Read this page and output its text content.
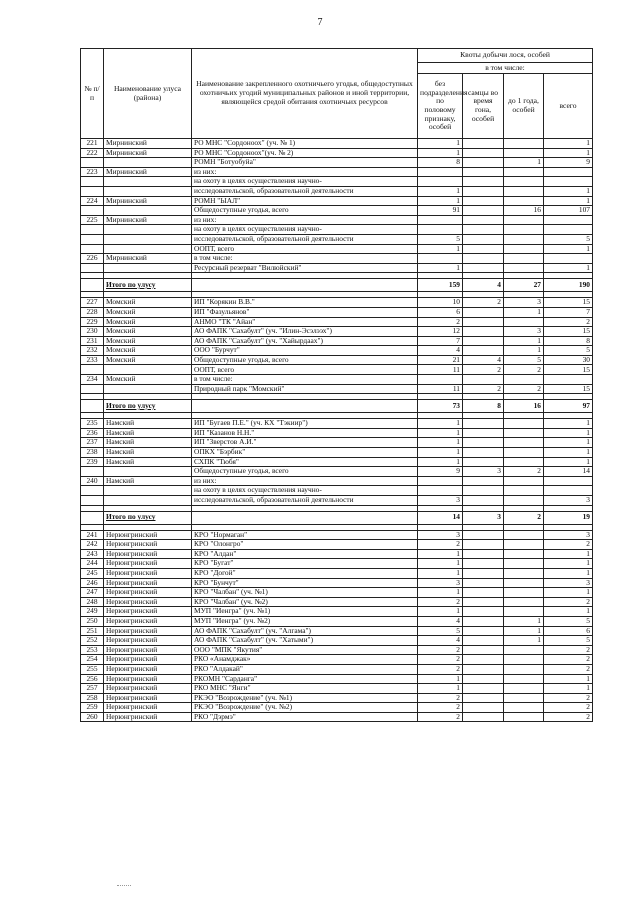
7
№ п/п	Наименование улуса (района)	Наименование закрепленного охотничьего угодья, общедоступных охотничьих угодий муниципальных районов и иной территории, являющейся средой обитания охотничьих ресурсов	Квоты добычи лося, особей			
			в том числе:			
			без подразделения по половому признаку, особей	самцы во время гона, особей	до 1 года, особей	всего
221	Мирнинский	РО МНС "Сордоноох" (уч. № 1)	1			1
222	Мирнинский	РО МНС "Сордоноох"(уч. № 2)	1			1
		РОМН "Ботуобуйа"	8		1	9
223	Мирнинский	из них:				
		на охоту в целях осуществления научно-				
		исследовательской, образовательной деятельности	1			1
224	Мирнинский	РОМН "ЫАЛ"	1			1
		Общедоступные угодья, всего	91		16	107
225	Мирнинский	из них:				
		на охоту в целях осуществления научно-				
		исследовательской, образовательной деятельности	5			5
		ООПТ, всего	1			1
226	Мирнинский	в том числе:				
		Ресурсный резерват "Вилюйский"	1			1

	Итого по улусу		159	4	27	190

227	Момский	ИП "Корякин В.В."	10	2	3	15
228	Момский	ИП "Фазульянов"	6		1	7
229	Момский	АНМО "ТК "Айан"	2			2
230	Момский	АО ФАПК "Сахабулт" (уч. "Илин-Эсэлээх")	12		3	15
231	Момский	АО ФАПК "Сахабулт" (уч. "Хайырдаах")	7		1	8
232	Момский	ООО "Бурчут"	4		1	5
233	Момский	Общедоступные угодья, всего	21	4	5	30
		ООПТ, всего	11	2	2	15
234	Момский	в том числе:				
		Природный парк "Момский"	11	2	2	15

	Итого по улусу		73	8	16	97

235	Намский	ИП "Бугаев П.Е." (уч. КХ "Тэкиир")	1			1
236	Намский	ИП "Казанов Н.Н."	1			1
237	Намский	ИП "Зверстов А.И."	1			1
238	Намский	ОПКХ "Бэрбик"	1			1
239	Намский	СХПК "Тюбя"	1			1
		Общедоступные угодья, всего	9	3	2	14
240	Намский	из них:				
		на охоту в целях осуществления научно-				
		исследовательской, образовательной деятельности	3			3

	Итого по улусу		14	3	2	19

241	Нерюнгринский	КРО "Нормаган"	3			3
242	Нерюнгринский	КРО "Олонгро"	2			2
243	Нерюнгринский	КРО "Алдан"	1			1
244	Нерюнгринский	КРО "Бугат"	1			1
245	Нерюнгринский	КРО "Догой"	1			1
246	Нерюнгринский	КРО "Бунчут"	3			3
247	Нерюнгринский	КРО "Чалбан" (уч. №1)	1			1
248	Нерюнгринский	КРО "Чалбан" (уч. №2)	2			2
249	Нерюнгринский	МУП "Иенгра" (уч. №1)	1			1
250	Нерюнгринский	МУП "Иенгра" (уч. №2)	4		1	5
251	Нерюнгринский	АО ФАПК "Сахабулт" (уч. "Алгама")	5		1	6
252	Нерюнгринский	АО ФАПК "Сахабулт" (уч. "Хатыми")	4		1	5
253	Нерюнгринский	ООО "МПК "Якутия"	2			2
254	Нерюнгринский	РКО «Анамджак»	2			2
255	Нерюнгринский	РКО "Алдакай"	2			2
256	Нерюнгринский	РКОМН "Сарданга"	1			1
257	Нерюнгринский	РКО МНС "Янги"	1			1
258	Нерюнгринский	РКЭО "Возрождение" (уч. №1)	2			2
259	Нерюнгринский	РКЭО "Возрождение" (уч. №2)	2			2
260	Нерюнгринский	РКО "Дэрмэ"	2			2
